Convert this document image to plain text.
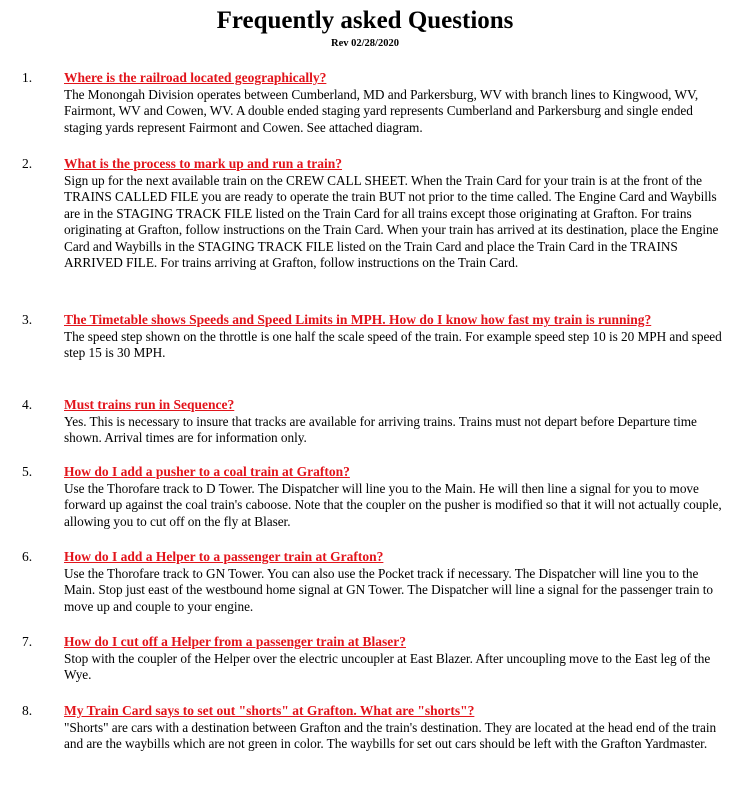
Frequently asked Questions
Rev 02/28/2020
1. Where is the railroad located geographically?

The Monongah Division operates between Cumberland, MD and Parkersburg, WV with branch lines to Kingwood, WV, Fairmont, WV and Cowen, WV. A double ended staging yard represents Cumberland and Parkersburg and single ended staging yards represent Fairmont and Cowen. See attached diagram.

2. What is the process to mark up and run a train?

Sign up for the next available train on the CREW CALL SHEET. When the Train Card for your train is at the front of the TRAINS CALLED FILE you are ready to operate the train BUT not prior to the time called. The Engine Card and Waybills are in the STAGING TRACK FILE listed on the Train Card for all trains except those originating at Grafton. For trains originating at Grafton, follow instructions on the Train Card. When your train has arrived at its destination, place the Engine Card and Waybills in the STAGING TRACK FILE listed on the Train Card and place the Train Card in the TRAINS ARRIVED FILE. For trains arriving at Grafton, follow instructions on the Train Card.

3. The Timetable shows Speeds and Speed Limits in MPH. How do I know how fast my train is running?

The speed step shown on the throttle is one half the scale speed of the train. For example speed step 10 is 20 MPH and speed step 15 is 30 MPH.

4. Must trains run in Sequence?

Yes. This is necessary to insure that tracks are available for arriving trains. Trains must not depart before Departure time shown. Arrival times are for information only.

5. How do I add a pusher to a coal train at Grafton?

Use the Thorofare track to D Tower. The Dispatcher will line you to the Main. He will then line a signal for you to move forward up against the coal train's caboose. Note that the coupler on the pusher is modified so that it will not actually couple, allowing you to cut off on the fly at Blaser.

6. How do I add a Helper to a passenger train at Grafton?

Use the Thorofare track to GN Tower. You can also use the Pocket track if necessary. The Dispatcher will line you to the Main. Stop just east of the westbound home signal at GN Tower. The Dispatcher will line a signal for the passenger train to move up and couple to your engine.

7. How do I cut off a Helper from a passenger train at Blaser?

Stop with the coupler of the Helper over the electric uncoupler at East Blazer. After uncoupling move to the East leg of the Wye.

8. My Train Card says to set out "shorts" at Grafton. What are "shorts"?

"Shorts" are cars with a destination between Grafton and the train's destination. They are located at the head end of the train and are the waybills which are not green in color. The waybills for set out cars should be left with the Grafton Yardmaster.
